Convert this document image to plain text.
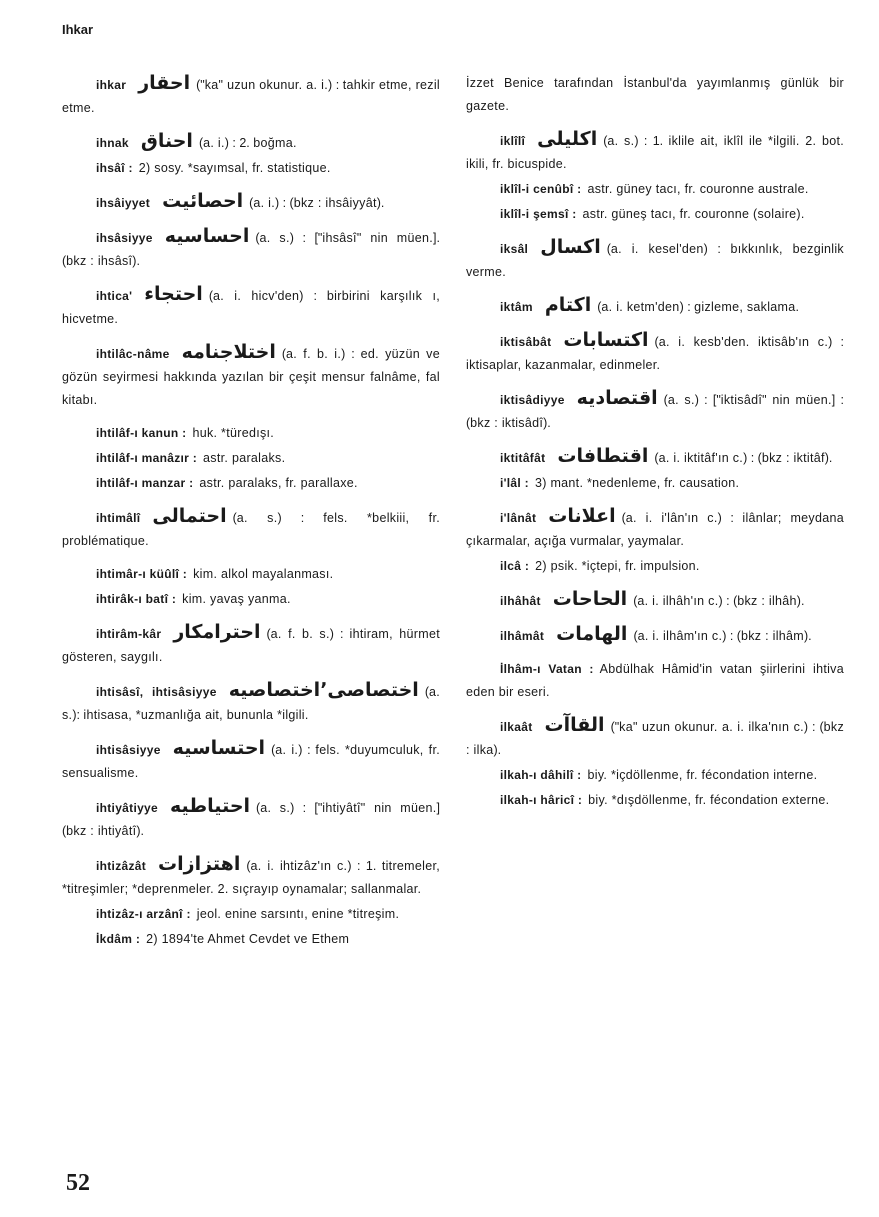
Ihkar
ihkar احقار ("ka" uzun okunur. a. i.) : tahkir etme, rezil etme.
ihnak احناق (a. i.) : 2. boğma.
ihsâî : 2) sosy. *sayımsal, fr. statistique.
ihsâiyyet احصائيت (a. i.) : (bkz : ihsâiyyât).
ihsâsiyye احساسيه (a. s.) : ["ihsâsî" nin müen.]. (bkz : ihsâsî).
ihtica' احتجاء (a. i. hicv'den) : birbirini karşılık ı, hicvetme.
ihtilâc-nâme اختلاجنامه (a. f. b. i.) : ed. yüzün ve gözün seyirmesi hakkında yazılan bir çeşit mensur falnâme, fal kitabı.
ihtilâf-ı kanun : huk. *türedışı.
ihtilâf-ı manâzır : astr. paralaks.
ihtilâf-ı manzar : astr. paralaks, fr. parallaxe.
ihtimâlî احتمالى (a. s.) : fels. *belkiii, fr. problématique.
ihtimâr-ı küûlî : kim. alkol mayalanması.
ihtirâk-ı batî : kim. yavaş yanma.
ihtirâm-kâr احترامكار (a. f. b. s.) : ihtiram, hürmet gösteren, saygılı.
ihtisâsî, ihtisâsiyye اختصاصى٬اختصاصيه (a. s.): ihtisasa, *uzmanlığa ait, bununla *ilgili.
ihtisâsiyye احتساسيه (a. i.) : fels. *duyumculuk, fr. sensualisme.
ihtiyâtiyye احتياطيه (a. s.) : ["ihtiyâtî" nin müen.] (bkz : ihtiyâtî).
ihtizâzât اهتزازات (a. i. ihtizâz'ın c.) : 1. titremeler, *titreşimler; *deprenmeler. 2. sıçrayıp oynamalar; sallanmalar.
ihtizâz-ı arzânî : jeol. enine sarsıntı, enine *titreşim.
İkdâm : 2) 1894'te Ahmet Cevdet ve Ethem
İzzet Benice tarafından İstanbul'da yayımlanmış günlük bir gazete.
iklîlî اكليلى (a. s.) : 1. iklile ait, iklîl ile *ilgili. 2. bot. ikili, fr. bicuspide.
iklîl-i cenûbî : astr. güney tacı, fr. couronne australe.
iklîl-i şemsî : astr. güneş tacı, fr. couronne (solaire).
iksâl اكسال (a. i. kesel'den) : bıkkınlık, bezginlik verme.
iktâm اكتام (a. i. ketm'den) : gizleme, saklama.
iktisâbât اكتسابات (a. i. kesb'den. iktisâb'ın c.) : iktisaplar, kazanmalar, edinmeler.
iktisâdiyye اقتصاديه (a. s.) : ["iktisâdî" nin müen.] : (bkz : iktisâdî).
iktitâfât اقتطافات (a. i. iktitâf'ın c.) : (bkz : iktitâf).
i'lâl : 3) mant. *nedenleme, fr. causation.
i'lânât اعلانات (a. i. i'lân'ın c.) : ilânlar; meydana çıkarmalar, açığa vurmalar, yaymalar.
ilcâ : 2) psik. *içtepi, fr. impulsion.
ilhâhât الحاحات (a. i. ilhâh'ın c.) : (bkz : ilhâh).
ilhâmât الهامات (a. i. ilhâm'ın c.) : (bkz : ilhâm).
İlhâm-ı Vatan : Abdülhak Hâmid'in vatan şiirlerini ihtiva eden bir eseri.
ilkaât القاآت ("ka" uzun okunur. a. i. ilka'nın c.) : (bkz : ilka).
ilkah-ı dâhilî : biy. *içdöllenme, fr. fécondation interne.
ilkah-ı hâricî : biy. *dışdöllenme, fr. fécondation externe.
52
